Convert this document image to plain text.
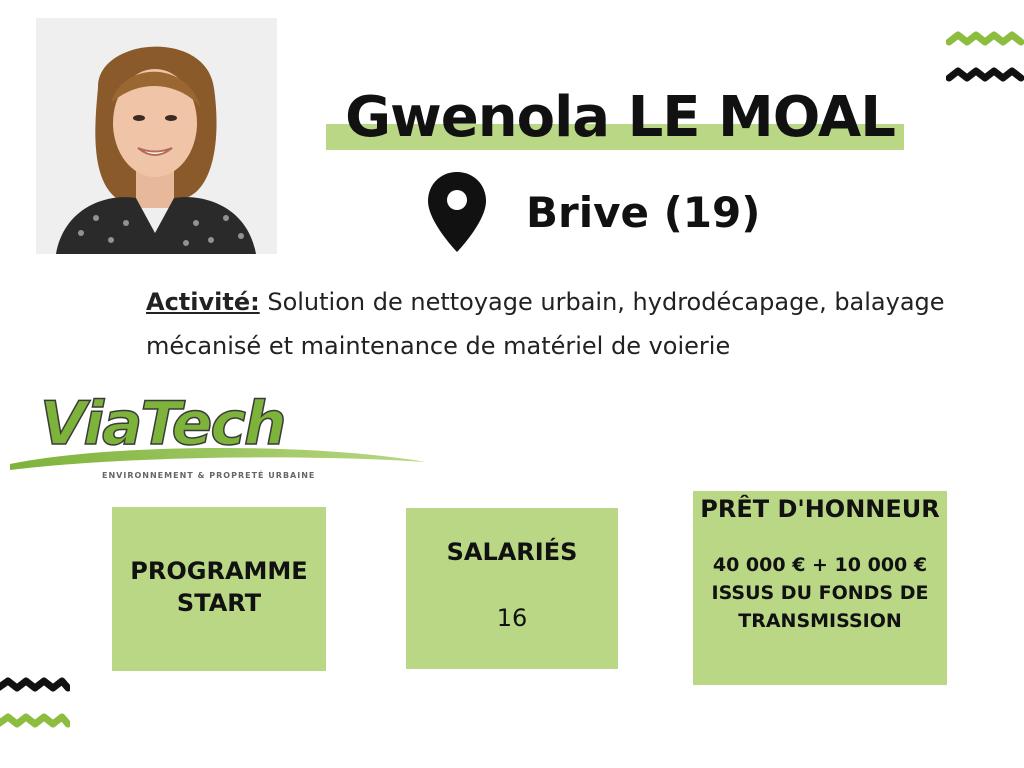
Gwenola LE MOAL
Brive (19)
Activité: Solution de nettoyage urbain, hydrodécapage, balayage mécanisé et maintenance de matériel de voierie
ViaTech
ENVIRONNEMENT & PROPRETÉ URBAINE
PROGRAMME START
SALARIÉS
16
PRÊT D'HONNEUR
40 000 € + 10 000 € ISSUS DU FONDS DE TRANSMISSION
